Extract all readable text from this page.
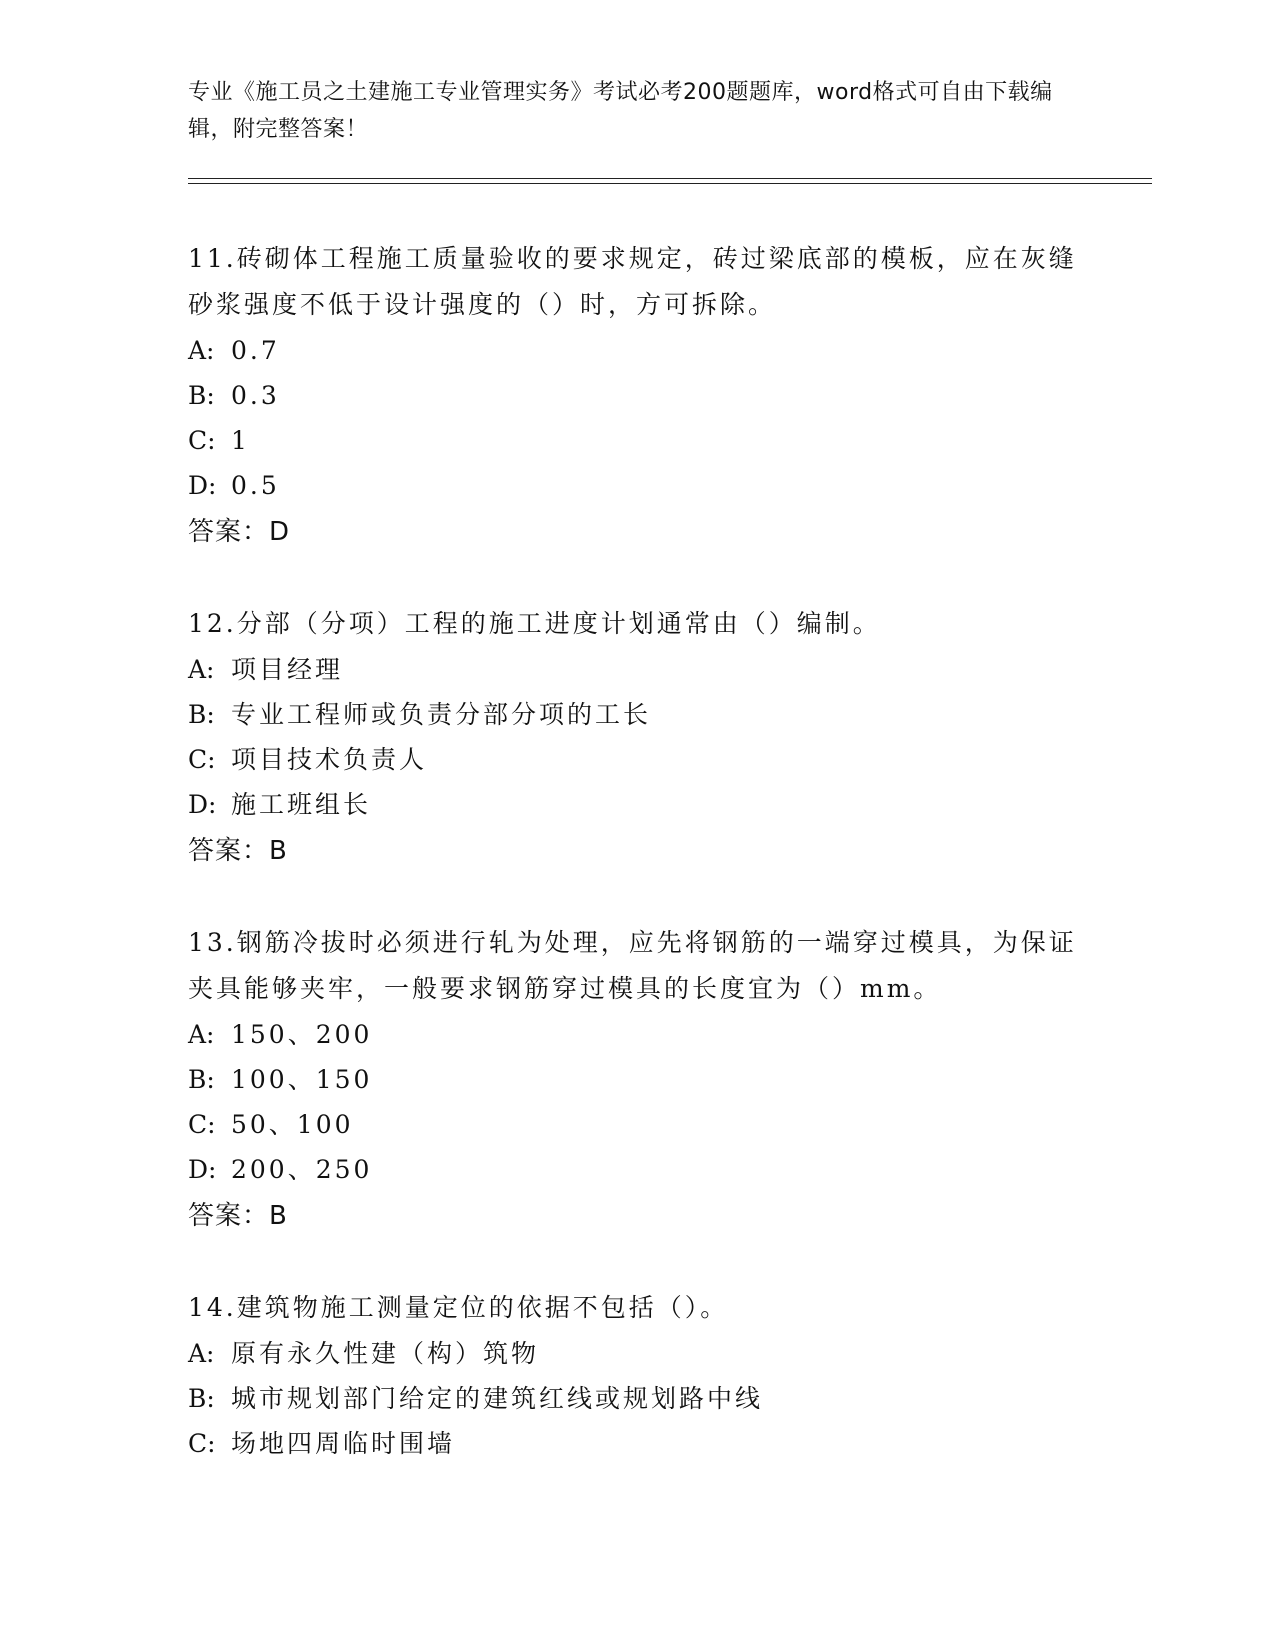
专业《施工员之土建施工专业管理实务》考试必考200题题库，word格式可自由下载编辑，附完整答案！
11.砖砌体工程施工质量验收的要求规定，砖过梁底部的模板，应在灰缝砂浆强度不低于设计强度的（）时，方可拆除。
A: 0.7
B: 0.3
C: 1
D: 0.5
答案：D
12.分部（分项）工程的施工进度计划通常由（）编制。
A: 项目经理
B: 专业工程师或负责分部分项的工长
C: 项目技术负责人
D: 施工班组长
答案：B
13.钢筋冷拔时必须进行轧为处理，应先将钢筋的一端穿过模具，为保证夹具能够夹牢，一般要求钢筋穿过模具的长度宜为（）mm。
A: 150、200
B: 100、150
C: 50、100
D: 200、250
答案：B
14.建筑物施工测量定位的依据不包括（）。
A: 原有永久性建（构）筑物
B: 城市规划部门给定的建筑红线或规划路中线
C: 场地四周临时围墙
